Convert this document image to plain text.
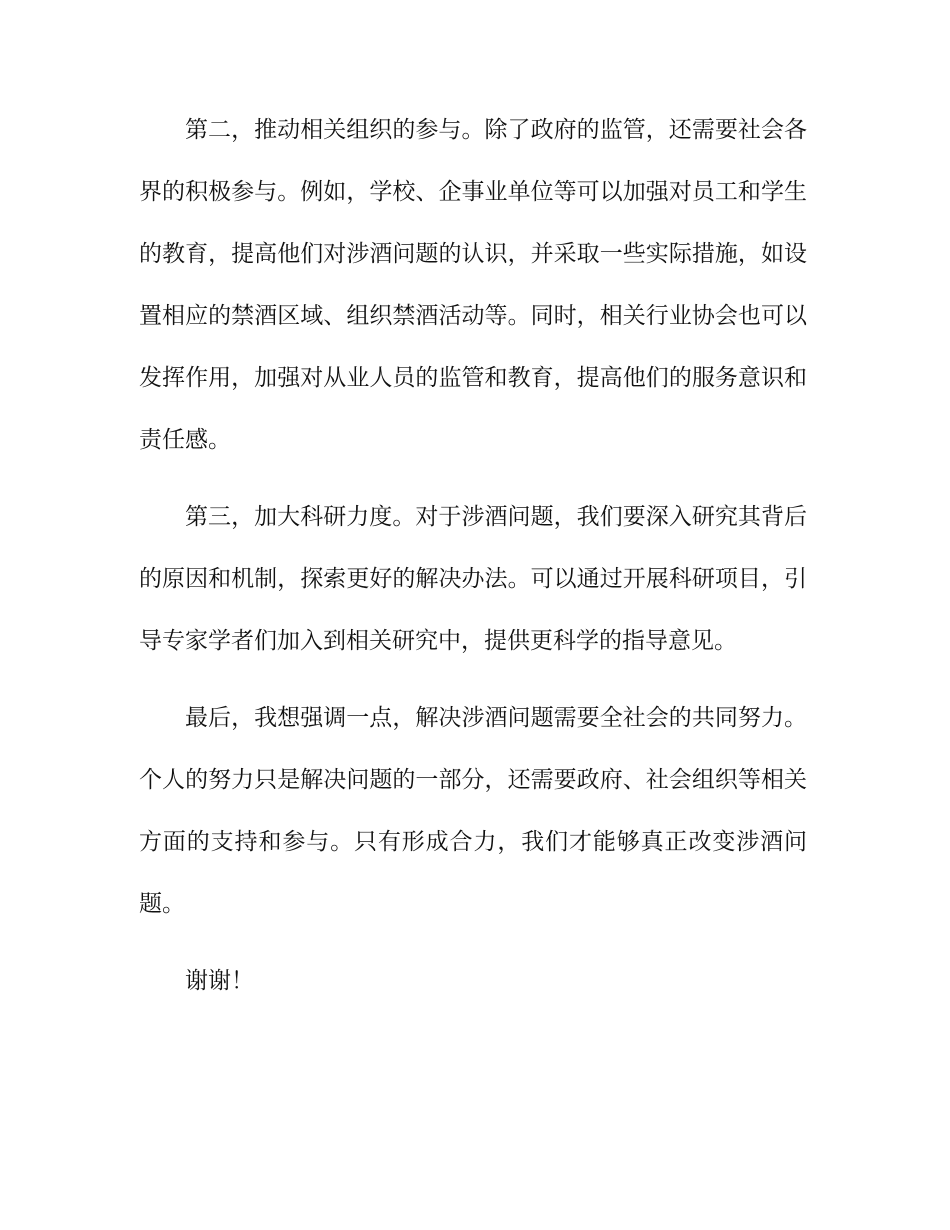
第二，推动相关组织的参与。除了政府的监管，还需要社会各界的积极参与。例如，学校、企事业单位等可以加强对员工和学生的教育，提高他们对涉酒问题的认识，并采取一些实际措施，如设置相应的禁酒区域、组织禁酒活动等。同时，相关行业协会也可以发挥作用，加强对从业人员的监管和教育，提高他们的服务意识和责任感。

第三，加大科研力度。对于涉酒问题，我们要深入研究其背后的原因和机制，探索更好的解决办法。可以通过开展科研项目，引导专家学者们加入到相关研究中，提供更科学的指导意见。

最后，我想强调一点，解决涉酒问题需要全社会的共同努力。个人的努力只是解决问题的一部分，还需要政府、社会组织等相关方面的支持和参与。只有形成合力，我们才能够真正改变涉酒问题。

谢谢！
